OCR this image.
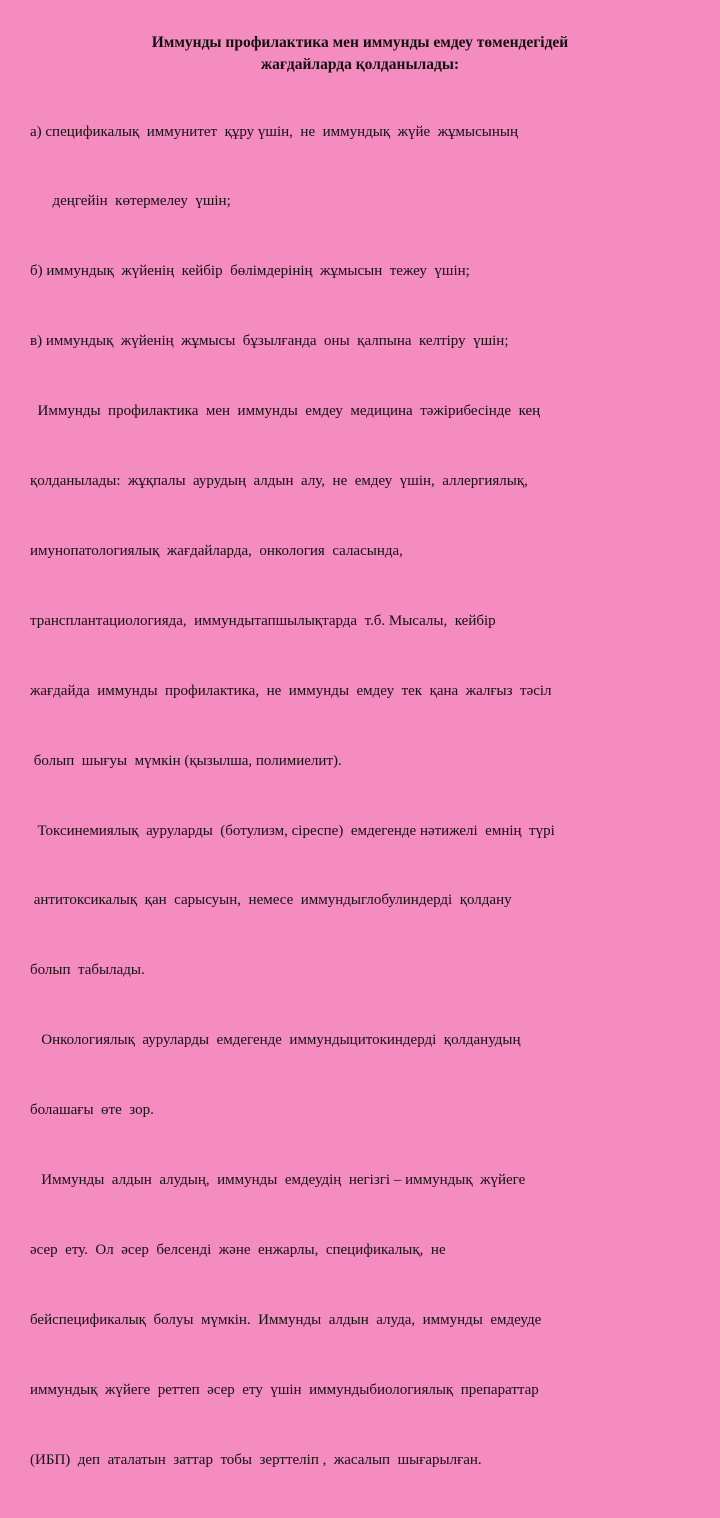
Иммунды профилактика мен иммунды емдеу төмендегідей
жағдайларда қолданылады:

а) спецификалық  иммунитет  құру үшін,  не  иммундық  жүйе  жұмысының

деңгейін  көтермелеу  үшін;

б) иммундық  жүйенің  кейбір  бөлімдерінің  жұмысын  тежеу  үшін;

в) иммундық  жүйенің  жұмысы  бұзылғанда  оны  қалпына  келтіру  үшін;

Иммунды  профилактика  мен  иммунды  емдеу  медицина  тәжірибесінде  кең

қолданылады:  жұқпалы  аурудың  алдын  алу,  не  емдеу  үшін,  аллергиялық,

имунопатологиялық  жағдайларда,  онкология  саласында,

трансплантациологияда,  иммундытапшылықтарда  т.б. Мысалы,  кейбір

жағдайда  иммунды  профилактика,  не  иммунды  емдеу  тек  қана  жалғыз  тәсіл

болып  шығуы  мүмкін (қызылша, полимиелит).

Токсинемиялық  ауруларды  (ботулизм, сіреспе)  емдегенде нәтижелі  емнің  түрі

антитоксикалық  қан  сарысуын,  немесе  иммундыглобулиндерді  қолдану

болып  табылады.

Онкологиялық  ауруларды  емдегенде  иммундыцитокиндерді  қолданудың

болашағы  өте  зор.

Иммунды  алдын  алудың,  иммунды  емдеудің  негізгі – иммундық  жүйеге

әсер  ету.  Ол  әсер  белсенді  және  енжарлы,  спецификалық,  не

бейспецификалық  болуы  мүмкін.  Иммунды  алдын  алуда,  иммунды  емдеуде

иммундық  жүйеге  реттеп  әсер  ету  үшін  иммундыбиологиялық  препараттар

(ИБП)  деп  аталатын  заттар  тобы  зерттеліп ,  жасалып  шығарылған.
